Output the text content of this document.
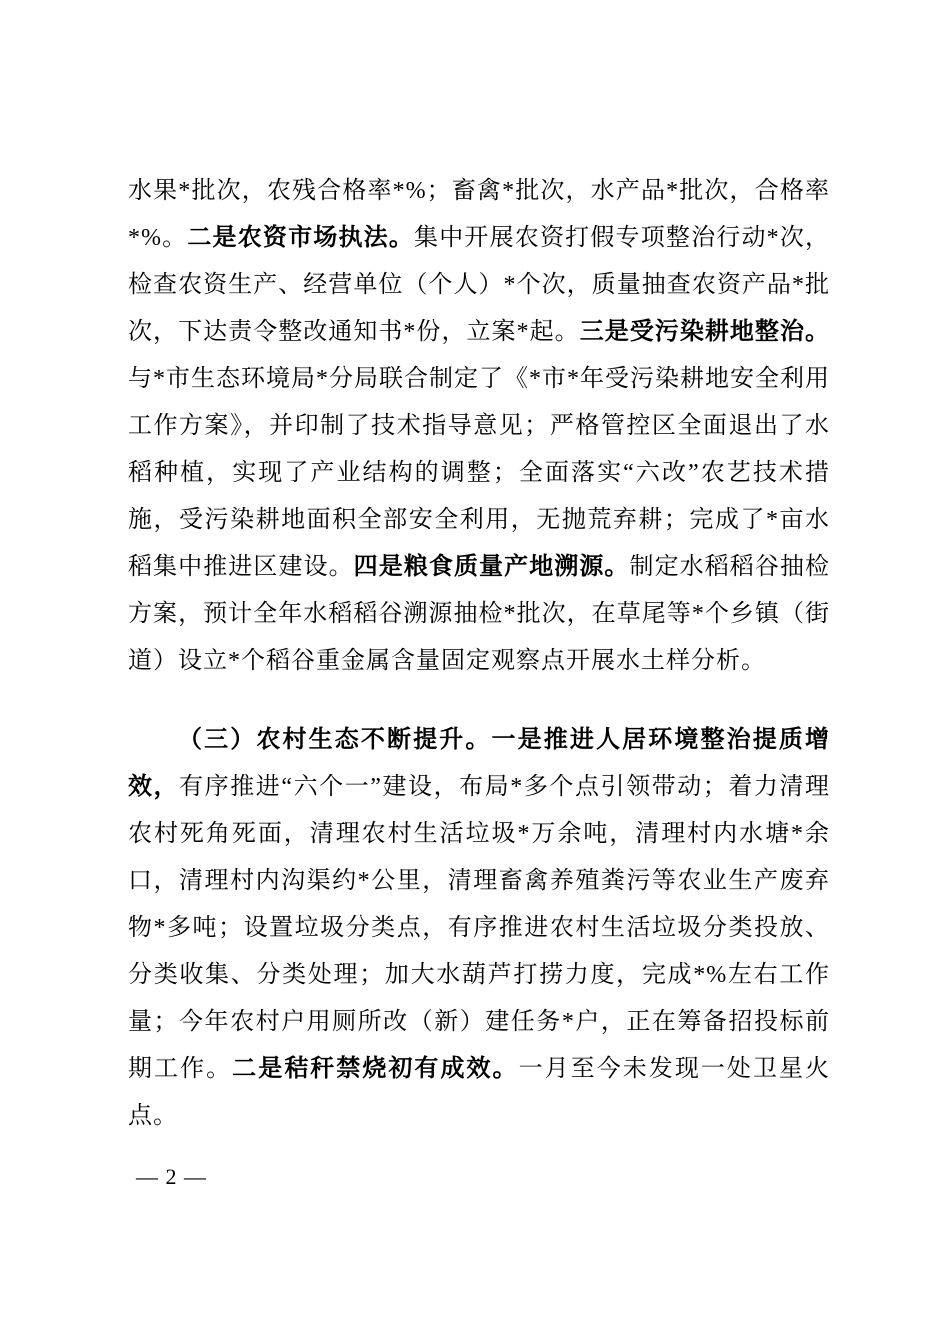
水果*批次，农残合格率*%；畜禽*批次，水产品*批次，合格率*%。二是农资市场执法。集中开展农资打假专项整治行动*次，检查农资生产、经营单位（个人）*个次，质量抽查农资产品*批次，下达责令整改通知书*份，立案*起。三是受污染耕地整治。与*市生态环境局*分局联合制定了《*市*年受污染耕地安全利用工作方案》，并印制了技术指导意见；严格管控区全面退出了水稻种植，实现了产业结构的调整；全面落实“六改”农艺技术措施，受污染耕地面积全部安全利用，无抛荒弃耕；完成了*亩水稻集中推进区建设。四是粮食质量产地溯源。制定水稻稻谷抽检方案，预计全年水稻稻谷溯源抽检*批次，在草尾等*个乡镇（街道）设立*个稻谷重金属含量固定观察点开展水土样分析。

（三）农村生态不断提升。一是推进人居环境整治提质增效，有序推进“六个一”建设，布局*多个点引领带动；着力清理农村死角死面，清理农村生活垃圾*万余吨，清理村内水塘*余口，清理村内沟渠约*公里，清理畜禽养殖粪污等农业生产废弃物*多吨；设置垃圾分类点，有序推进农村生活垃圾分类投放、分类收集、分类处理；加大水葫芦打捞力度，完成*%左右工作量；今年农村户用厕所改（新）建任务*户，正在筹备招投标前期工作。二是秸秆禁烧初有成效。一月至今未发现一处卫星火点。

— 2 —
